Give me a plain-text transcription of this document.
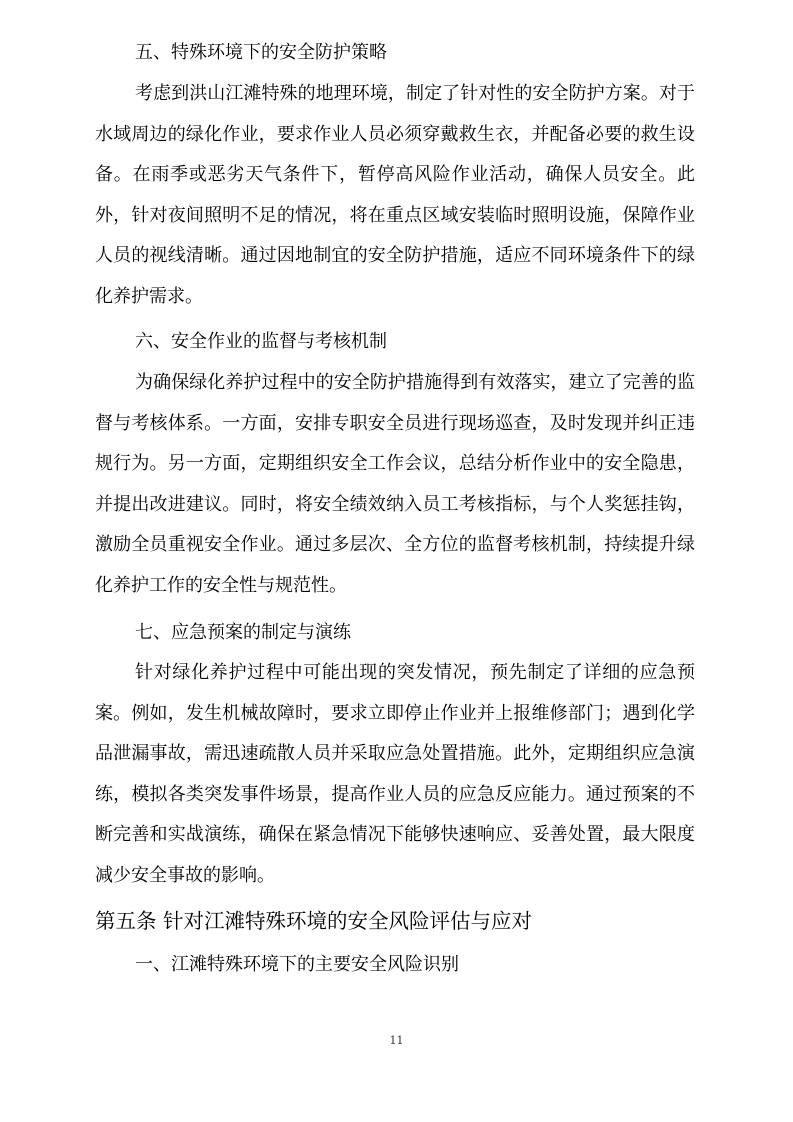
五、特殊环境下的安全防护策略

考虑到洪山江滩特殊的地理环境，制定了针对性的安全防护方案。对于水域周边的绿化作业，要求作业人员必须穿戴救生衣，并配备必要的救生设备。在雨季或恶劣天气条件下，暂停高风险作业活动，确保人员安全。此外，针对夜间照明不足的情况，将在重点区域安装临时照明设施，保障作业人员的视线清晰。通过因地制宜的安全防护措施，适应不同环境条件下的绿化养护需求。

六、安全作业的监督与考核机制

为确保绿化养护过程中的安全防护措施得到有效落实，建立了完善的监督与考核体系。一方面，安排专职安全员进行现场巡查，及时发现并纠正违规行为。另一方面，定期组织安全工作会议，总结分析作业中的安全隐患，并提出改进建议。同时，将安全绩效纳入员工考核指标，与个人奖惩挂钩，激励全员重视安全作业。通过多层次、全方位的监督考核机制，持续提升绿化养护工作的安全性与规范性。

七、应急预案的制定与演练

针对绿化养护过程中可能出现的突发情况，预先制定了详细的应急预案。例如，发生机械故障时，要求立即停止作业并上报维修部门；遇到化学品泄漏事故，需迅速疏散人员并采取应急处置措施。此外，定期组织应急演练，模拟各类突发事件场景，提高作业人员的应急反应能力。通过预案的不断完善和实战演练，确保在紧急情况下能够快速响应、妥善处置，最大限度减少安全事故的影响。

第五条 针对江滩特殊环境的安全风险评估与应对

一、江滩特殊环境下的主要安全风险识别

11
